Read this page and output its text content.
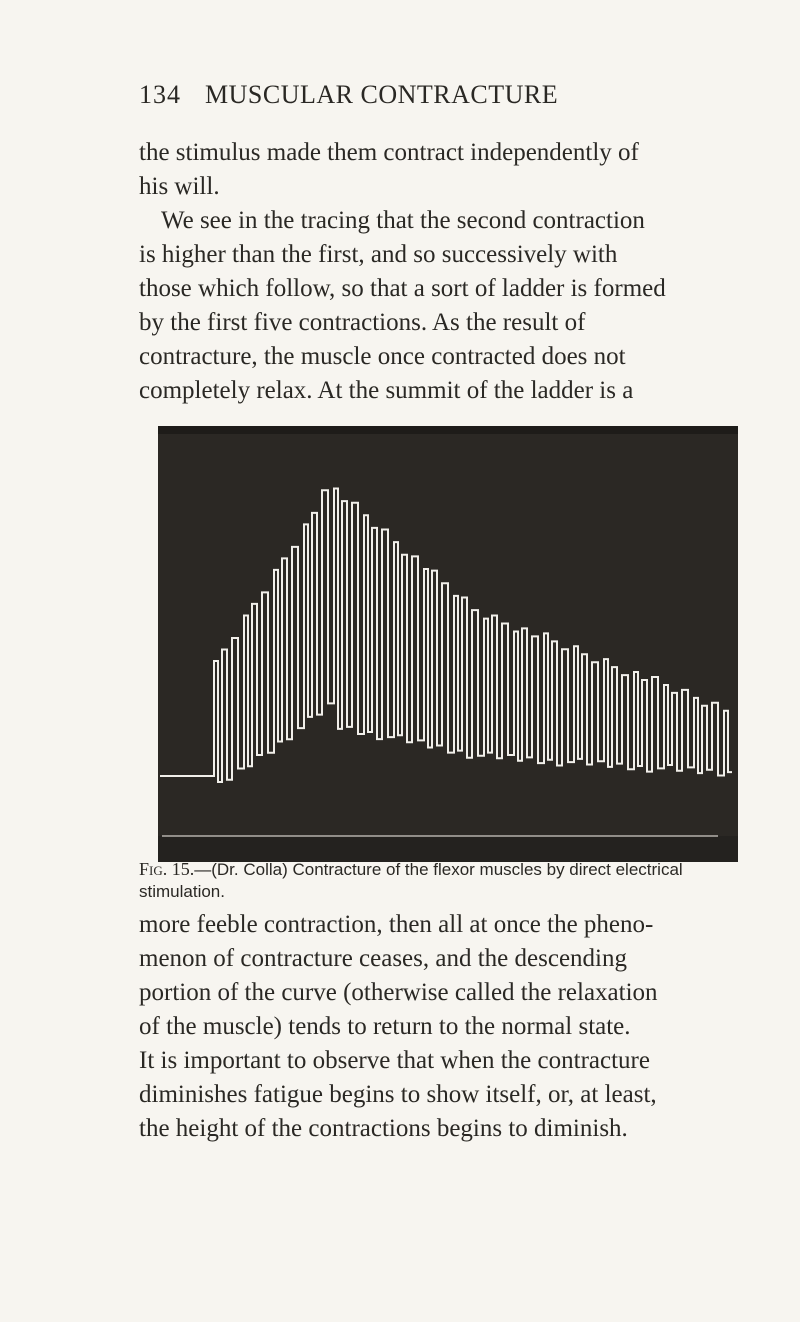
134 MUSCULAR CONTRACTURE
the stimulus made them contract independently of
his will.
We see in the tracing that the second contraction
is higher than the first, and so successively with
those which follow, so that a sort of ladder is formed
by the first five contractions. As the result of
contracture, the muscle once contracted does not
completely relax. At the summit of the ladder is a
Fig. 15.—(Dr. Colla) Contracture of the flexor muscles by direct electrical stimulation.
more feeble contraction, then all at once the pheno-
menon of contracture ceases, and the descending
portion of the curve (otherwise called the relaxation
of the muscle) tends to return to the normal state.
It is important to observe that when the contracture
diminishes fatigue begins to show itself, or, at least,
the height of the contractions begins to diminish.
